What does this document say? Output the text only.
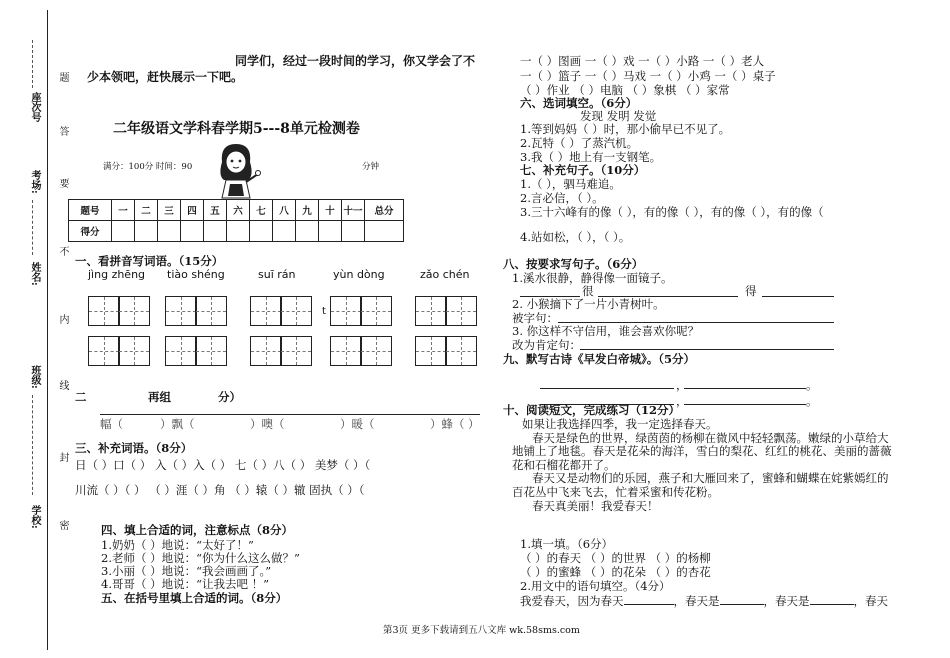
座次号
考场:
姓名:
班级:
学校:
题
答
要
不
内
线
封
密
同学们，经过一段时间的学习，你又学会了不
少本领吧，赶快展示一下吧。
二年级语文学科春学期5---8单元检测卷
满分：100分 时间：90	分钟
题号	一	二	三	四	五	六	七	八	九	十	十一	总分
得分												
一、看拼音写词语。（15分）
jìng zhēng tiào shéng	suī rán	yùn dòng	zǎo chén
t
二	再组	分）
幅（	）飘（	）噢（	）暖（	）蜂（ ）
三、补充词语。（8分）
日（ ）口（ ） 入（ ）入（ ） 七（ ）八（ ） 美梦（ ）（
川流（ ）（ ） （ ）涯（ ）角 （ ）辕（ ）辙 固执（ ）（
四、填上合适的词，注意标点（8分）
1.奶奶（ ）地说：“太好了！”
2.老师（ ）地说：“你为什么这么做？”
3.小丽（ ）地说：“我会画画了。”
4.哥哥（ ）地说：“让我去吧 ！”
五、在括号里填上合适的词。（8分）
一（ ）图画 一（ ）戏 一（ ）小路 一（ ）老人
一（ ）篮子 一（ ）马戏 一（ ）小鸡 一（ ）桌子
（ ）作业 （ ）电脑 （ ）象棋 （ ）家常
六、选词填空。（6分）
发现 发明 发觉
1.等到妈妈（ ）时，那小偷早已不见了。
2.瓦特（ ）了蒸汽机。
3.我（ ）地上有一支钢笔。
七、补充句子。（10分）
1.（ ），驷马难追。
2.言必信，（ ）。
3.三十六峰有的像（ ），有的像（ ），有的像（ ），有的像（
4.站如松，（ ），（ ）。
八、按要求写句子。（6分）
1.溪水很静，静得像一面镜子。
很	得
2. 小猴摘下了一片小青树叶。
被字句：
3. 你这样不守信用，谁会喜欢你呢？
改为肯定句：
九、默写古诗《早发白帝城》。（5分）
，	。
，	。
十、阅读短文，完成练习（12分）
如果让我选择四季，我一定选择春天。
春天是绿色的世界，绿茵茵的杨柳在微风中轻轻飘荡。嫩绿的小草给大
地铺上了地毯。春天是花朵的海洋，雪白的梨花、红红的桃花、美丽的蔷薇
花和石榴花都开了。
春天又是动物们的乐园，燕子和大雁回来了，蜜蜂和蝴蝶在姹紫嫣红的
百花丛中飞来飞去，忙着采蜜和传花粉。
春天真美丽！我爱春天！
1.填一填。（6分）
（ ）的春天 （ ）的世界 （ ）的杨柳
（ ）的蜜蜂 （ ）的花朵 （ ）的杏花
2.用文中的语句填空。（4分）
我爱春天，因为春天	，春天是	，春天是	，春天
第3页 更多下载请到五八文库 wk.58sms.com
